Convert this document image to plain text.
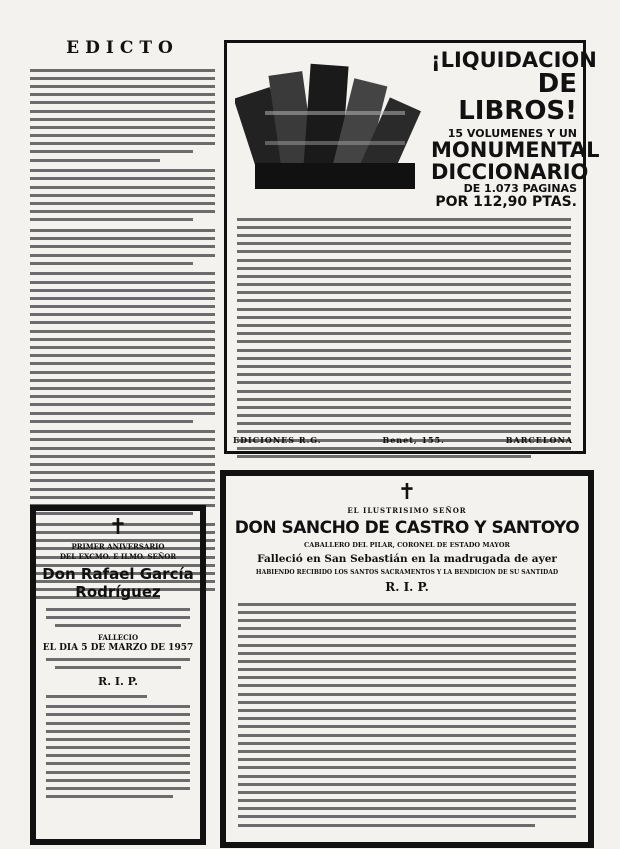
EDICTO	¡LIQUIDACION
DE LIBROS!
15 VOLUMENES Y UN
MONUMENTAL
DICCIONARIO
DE 1.073 PAGINAS
POR 112,90 PTAS.
EDICIONES R.G.	Benet, 155.	BARCELONA
✝
EL ILUSTRISIMO SEÑOR
DON SANCHO DE CASTRO Y SANTOYO
CABALLERO DEL PILAR, CORONEL DE ESTADO MAYOR
Falleció en San Sebastián en la madrugada de ayer
HABIENDO RECIBIDO LOS SANTOS SACRAMENTOS Y LA BENDICION DE SU SANTIDAD
R. I. P.
✝
PRIMER ANIVERSARIO
DEL EXCMO. E ILMO. SEÑOR
Don Rafael García
Rodríguez
FALLECIO
EL DIA 5 DE MARZO DE 1957
R. I. P.
